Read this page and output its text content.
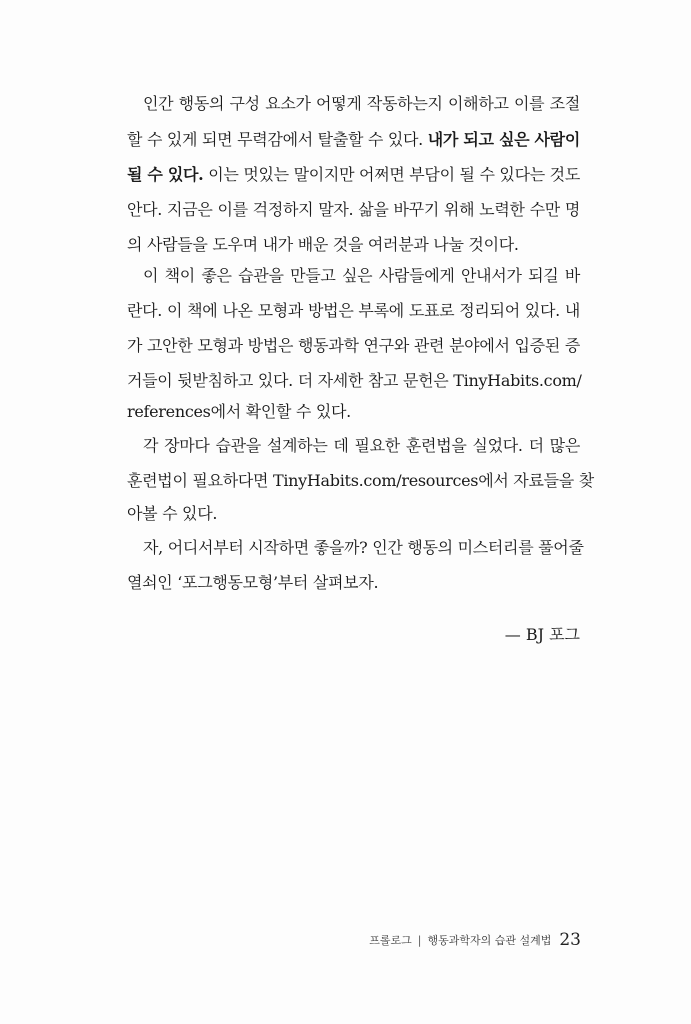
인간 행동의 구성 요소가 어떻게 작동하는지 이해하고 이를 조절
할 수 있게 되면 무력감에서 탈출할 수 있다. 내가 되고 싶은 사람이
될 수 있다. 이는 멋있는 말이지만 어쩌면 부담이 될 수 있다는 것도
안다. 지금은 이를 걱정하지 말자. 삶을 바꾸기 위해 노력한 수만 명
의 사람들을 도우며 내가 배운 것을 여러분과 나눌 것이다.
이 책이 좋은 습관을 만들고 싶은 사람들에게 안내서가 되길 바
란다. 이 책에 나온 모형과 방법은 부록에 도표로 정리되어 있다. 내
가 고안한 모형과 방법은 행동과학 연구와 관련 분야에서 입증된 증
거들이 뒷받침하고 있다. 더 자세한 참고 문헌은 TinyHabits.com/
references에서 확인할 수 있다.
각 장마다 습관을 설계하는 데 필요한 훈련법을 실었다. 더 많은
훈련법이 필요하다면 TinyHabits.com/resources에서 자료들을 찾
아볼 수 있다.
자, 어디서부터 시작하면 좋을까? 인간 행동의 미스터리를 풀어줄
열쇠인 ‘포그행동모형’부터 살펴보자.
— BJ 포그
프롤로그 | 행동과학자의 습관 설계법 23
